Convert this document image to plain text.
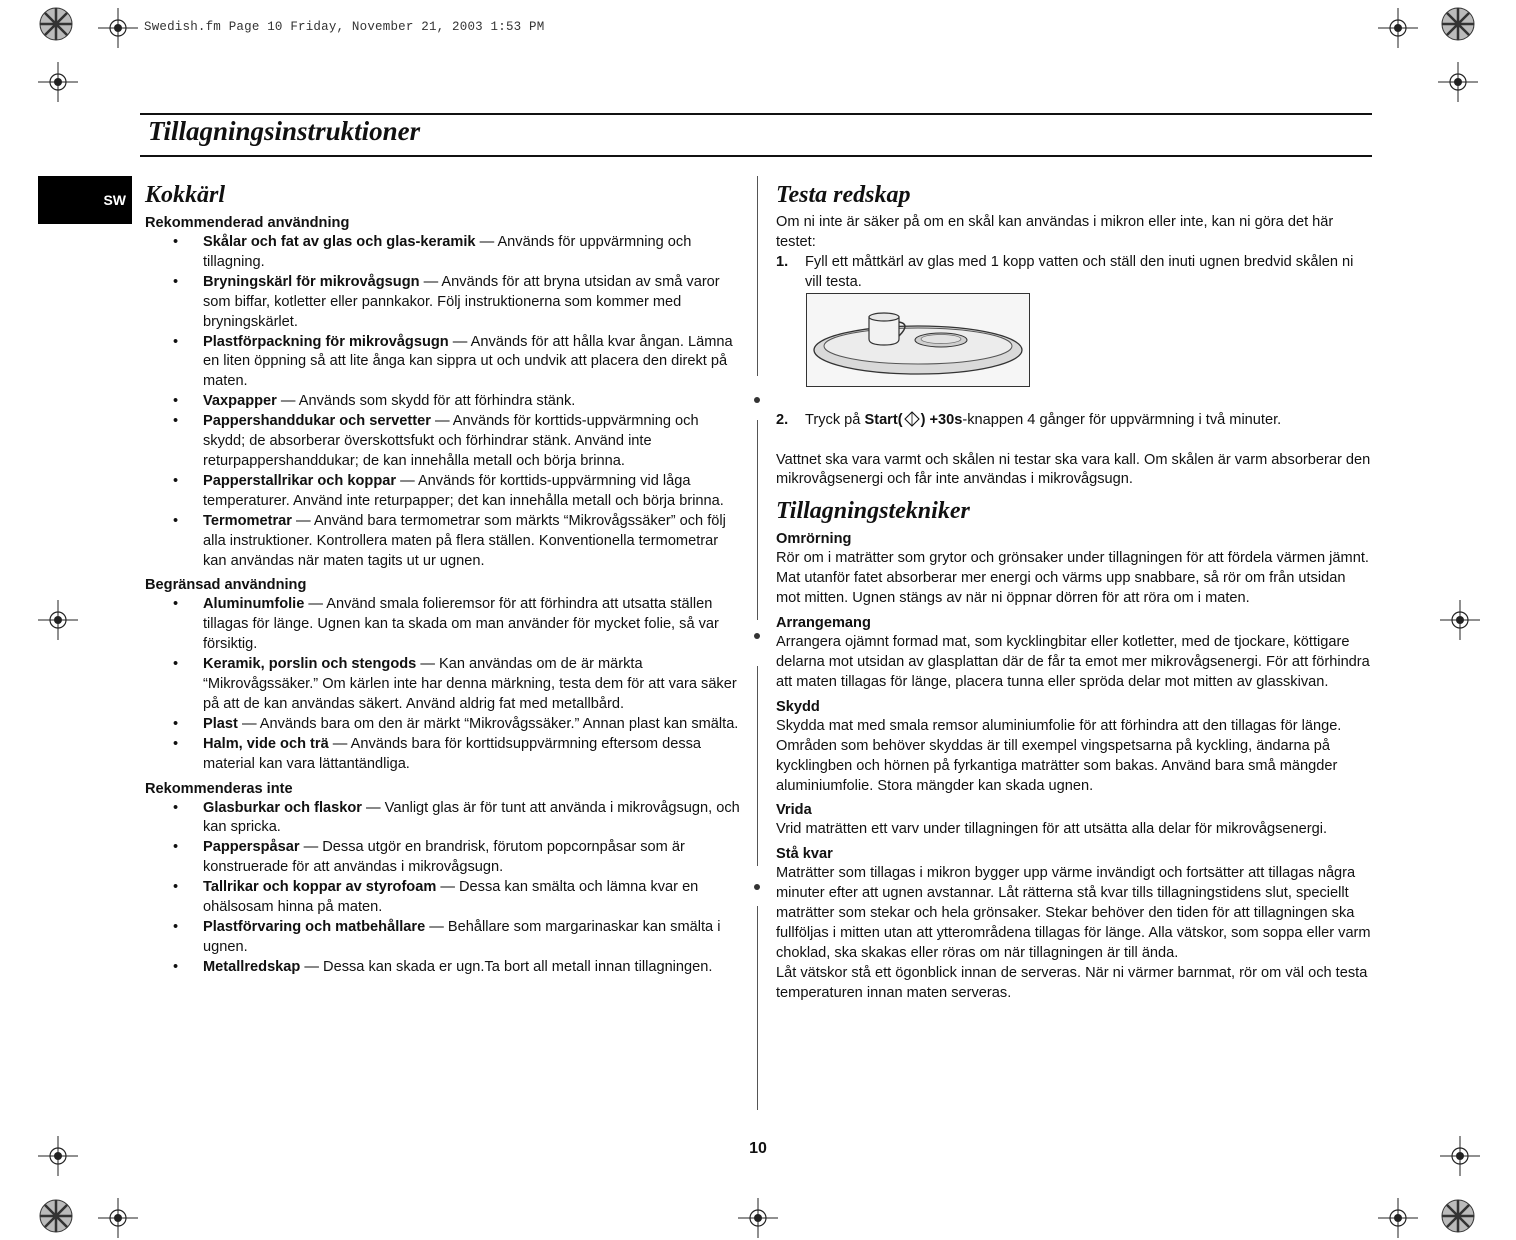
Swedish.fm Page 10 Friday, November 21, 2003 1:53 PM
Tillagningsinstruktioner
SW Kokkärl
Rekommenderad användning
• Skålar och fat av glas och glas-keramik — Används för uppvärmning och tillagning.
• Bryningskärl för mikrovågsugn — Används för att bryna utsidan av små varor som biffar, kotletter eller pannkakor. Följ instruktionerna som kommer med bryningskärlet.
• Plastförpackning för mikrovågsugn — Används för att hålla kvar ångan. Lämna en liten öppning så att lite ånga kan sippra ut och undvik att placera den direkt på maten.
• Vaxpapper — Används som skydd för att förhindra stänk.
• Pappershanddukar och servetter — Används för korttids-uppvärmning och skydd; de absorberar överskottsfukt och förhindrar stänk. Använd inte returpappershanddukar; de kan innehålla metall och börja brinna.
• Papperstallrikar och koppar — Används för korttids-uppvärmning vid låga temperaturer. Använd inte returpapper; det kan innehålla metall och börja brinna.
• Termometrar — Använd bara termometrar som märkts “Mikrovågssäker” och följ alla instruktioner. Kontrollera maten på flera ställen. Konventionella termometrar kan användas när maten tagits ut ur ugnen.
Begränsad användning
• Aluminumfolie — Använd smala folieremsor för att förhindra att utsatta ställen tillagas för länge. Ugnen kan ta skada om man använder för mycket folie, så var försiktig.
• Keramik, porslin och stengods — Kan användas om de är märkta “Mikrovågssäker.” Om kärlen inte har denna märkning, testa dem för att vara säker på att de kan användas säkert. Använd aldrig fat med metallbård.
• Plast — Används bara om den är märkt “Mikrovågssäker.” Annan plast kan smälta.
• Halm, vide och trä — Används bara för korttidsuppvärmning eftersom dessa material kan vara lättantändliga.
Rekommenderas inte
• Glasburkar och flaskor — Vanligt glas är för tunt att använda i mikrovågsugn, och kan spricka.
• Papperspåsar — Dessa utgör en brandrisk, förutom popcornpåsar som är konstruerade för att användas i mikrovågsugn.
• Tallrikar och koppar av styrofoam — Dessa kan smälta och lämna kvar en ohälsosam hinna på maten.
• Plastförvaring och matbehållare — Behållare som margarinaskar kan smälta i ugnen.
• Metallredskap — Dessa kan skada er ugn.Ta bort all metall innan tillagningen.
Testa redskap

Om ni inte är säker på om en skål kan användas i mikron eller inte, kan ni göra det här testet:

1. Fyll ett måttkärl av glas med 1 kopp vatten och ställ den inuti ugnen bredvid skålen ni vill testa.
2. Tryck på Start( ) +30s-knappen 4 gånger för uppvärmning i två minuter.

Vattnet ska vara varmt och skålen ni testar ska vara kall. Om skålen är varm absorberar den mikrovågsenergi och får inte användas i mikrovågsugn.

Tillagningstekniker
Omrörning

Rör om i maträtter som grytor och grönsaker under tillagningen för att fördela värmen jämnt. Mat utanför fatet absorberar mer energi och värms upp snabbare, så rör om från utsidan mot mitten. Ugnen stängs av när ni öppnar dörren för att röra om i maten.

Arrangemang

Arrangera ojämnt formad mat, som kycklingbitar eller kotletter, med de tjockare, köttigare delarna mot utsidan av glasplattan där de får ta emot mer mikrovågsenergi. För att förhindra att maten tillagas för länge, placera tunna eller spröda delar mot mitten av glasskivan.

Skydd

Skydda mat med smala remsor aluminiumfolie för att förhindra att den tillagas för länge. Områden som behöver skyddas är till exempel vingspetsarna på kyckling, ändarna på kycklingben och hörnen på fyrkantiga maträtter som bakas. Använd bara små mängder aluminiumfolie. Stora mängder kan skada ugnen.

Vrida

Vrid maträtten ett varv under tillagningen för att utsätta alla delar för mikrovågsenergi.

Stå kvar

Maträtter som tillagas i mikron bygger upp värme invändigt och fortsätter att tillagas några minuter efter att ugnen avstannar. Låt rätterna stå kvar tills tillagningstidens slut, speciellt maträtter som stekar och hela grönsaker. Stekar behöver den tiden för att tillagningen ska fullföljas i mitten utan att ytterområdena tillagas för länge. Alla vätskor, som soppa eller varm choklad, ska skakas eller röras om när tillagningen är till ända.

Låt vätskor stå ett ögonblick innan de serveras. När ni värmer barnmat, rör om väl och testa temperaturen innan maten serveras.

10
